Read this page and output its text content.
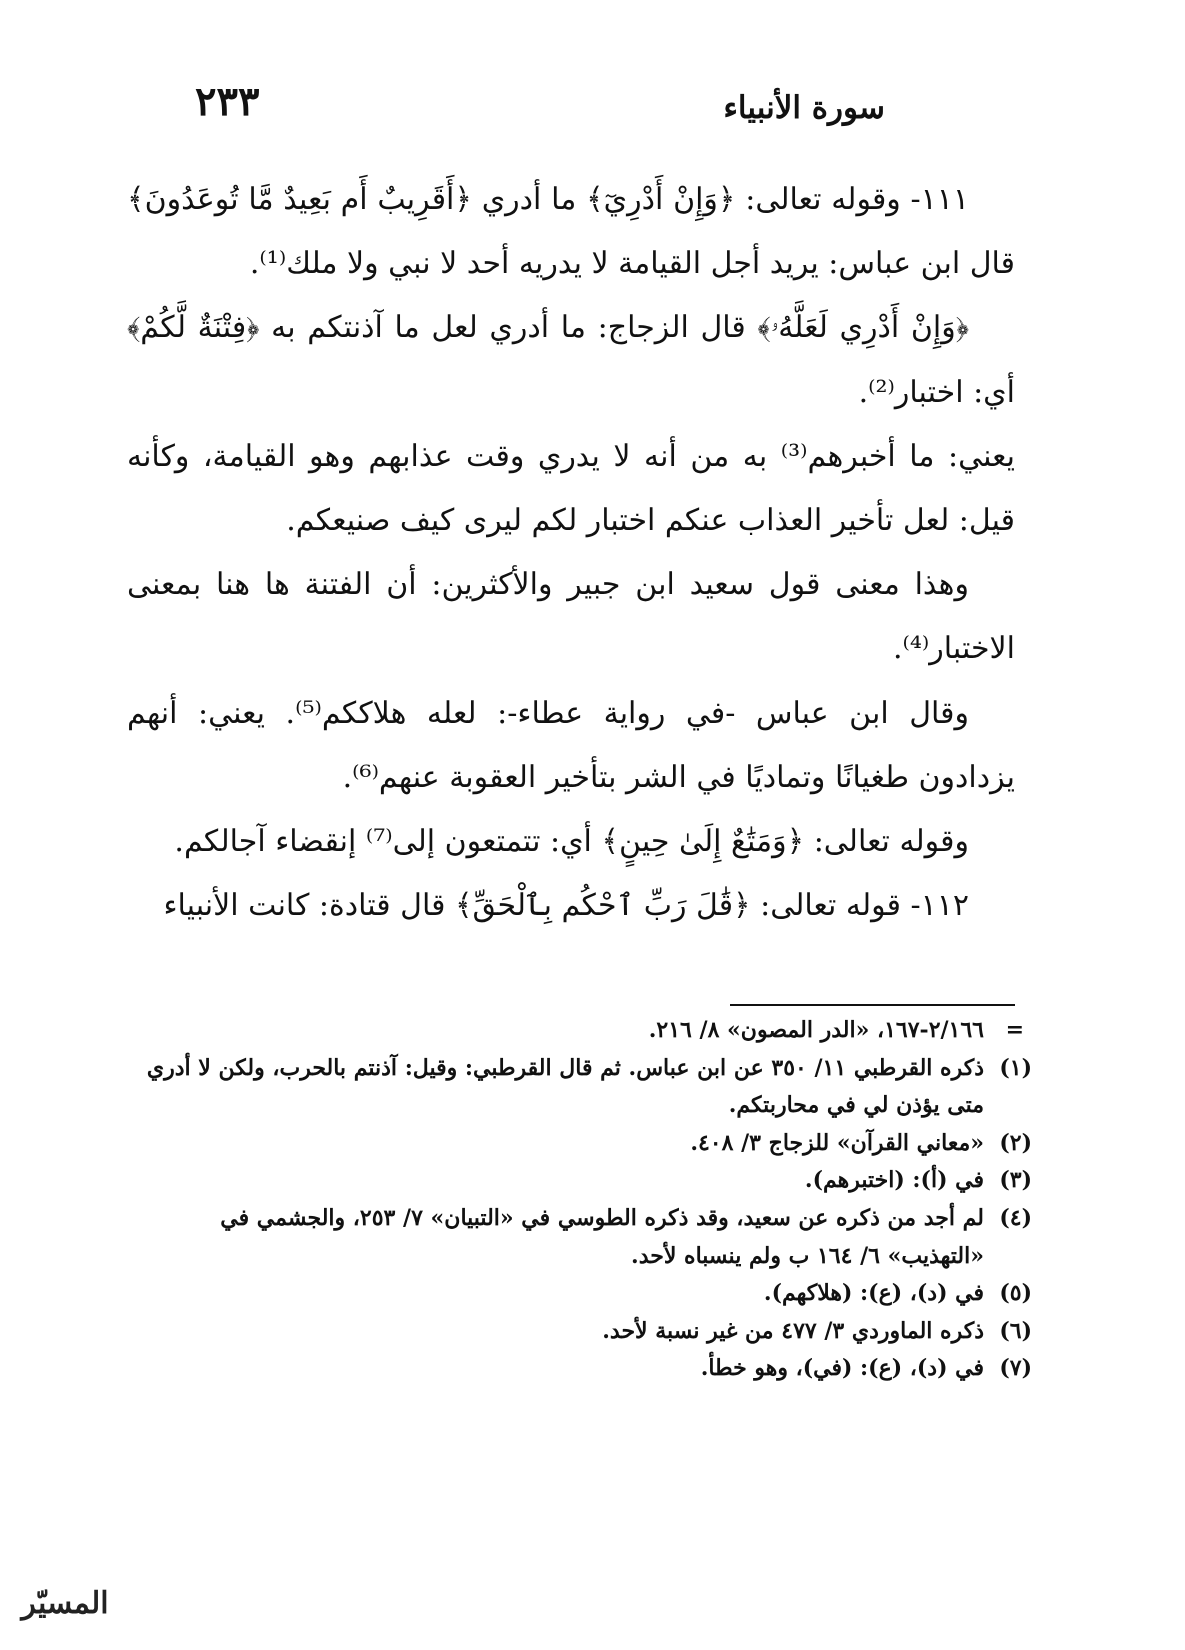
سورة الأنبياء
٢٣٣

١١١- وقوله تعالى: ﴿وَإِنْ أَدْرِيٓ﴾ ما أدري ﴿أَقَرِيبٌ أَم بَعِيدٌ مَّا تُوعَدُونَ﴾ قال ابن عباس: يريد أجل القيامة لا يدريه أحد لا نبي ولا ملك⁽¹⁾.

﴿وَإِنْ أَدْرِي لَعَلَّهُۥ﴾ قال الزجاج: ما أدري لعل ما آذنتكم به ﴿فِتْنَةٌ لَّكُمْ﴾ أي: اختبار⁽²⁾.

يعني: ما أخبرهم⁽³⁾ به من أنه لا يدري وقت عذابهم وهو القيامة، وكأنه قيل: لعل تأخير العذاب عنكم اختبار لكم ليرى كيف صنيعكم.

وهذا معنى قول سعيد ابن جبير والأكثرين: أن الفتنة ها هنا بمعنى الاختبار⁽⁴⁾.

وقال ابن عباس -في رواية عطاء-: لعله هلاككم⁽⁵⁾. يعني: أنهم يزدادون طغيانًا وتماديًا في الشر بتأخير العقوبة عنهم⁽⁶⁾.

وقوله تعالى: ﴿وَمَتَٰعٌ إِلَىٰ حِينٍ﴾ أي: تتمتعون إلى⁽⁷⁾ إنقضاء آجالكم.

١١٢- قوله تعالى: ﴿قَٰلَ رَبِّ ٱحْكُم بِٱلْحَقِّ﴾ قال قتادة: كانت الأنبياء

=
٢/١٦٦-١٦٧، «الدر المصون» ٨/ ٢١٦.
(١)
ذكره القرطبي ١١/ ٣٥٠ عن ابن عباس. ثم قال القرطبي: وقيل: آذنتم بالحرب، ولكن لا أدري متى يؤذن لي في محاربتكم.
(٢)
«معاني القرآن» للزجاج ٣/ ٤٠٨.
(٣)
في (أ): (اختبرهم).
(٤)
لم أجد من ذكره عن سعيد، وقد ذكره الطوسي في «التبيان» ٧/ ٢٥٣، والجشمي في «التهذيب» ٦/ ١٦٤ ب ولم ينسباه لأحد.
(٥)
في (د)، (ع): (هلاكهم).
(٦)
ذكره الماوردي ٣/ ٤٧٧ من غير نسبة لأحد.
(٧)
في (د)، (ع): (في)، وهو خطأ.
المسيّر
